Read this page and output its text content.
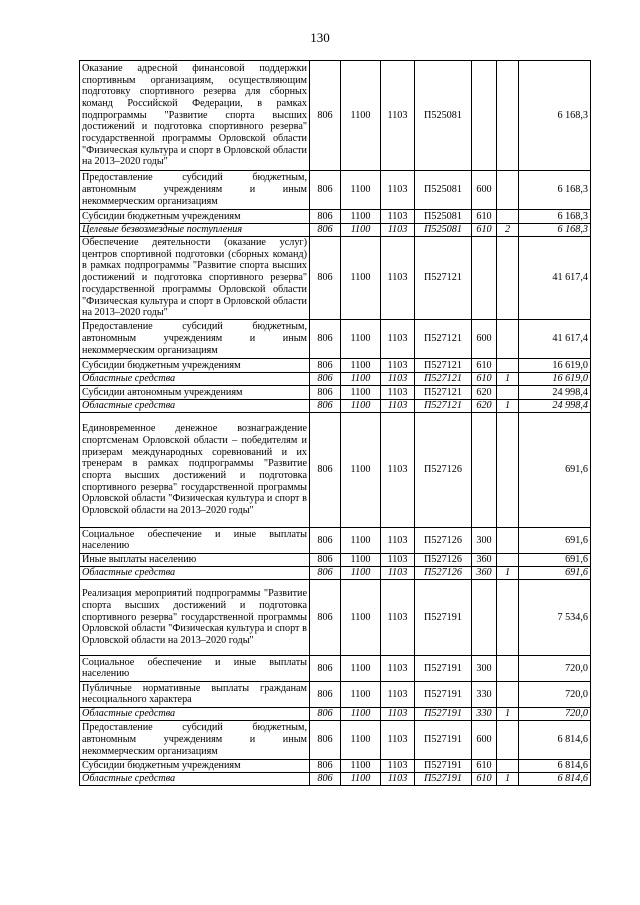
130
Оказание адресной финансовой поддержки спортивным организациям, осуществляющим подготовку спортивного резерва для сборных команд Российской Федерации, в рамках подпрограммы "Развитие спорта высших достижений и подготовка спортивного резерва" государственной программы Орловской области "Физическая культура и спорт в Орловской области на 2013–2020 годы"	806	1100	1103	П525081			6 168,3
Предоставление субсидий бюджетным, автономным учреждениям и иным некоммерческим организациям	806	1100	1103	П525081	600		6 168,3
Субсидии бюджетным учреждениям	806	1100	1103	П525081	610		6 168,3
Целевые безвозмездные поступления	806	1100	1103	П525081	610	2	6 168,3
Обеспечение деятельности (оказание услуг) центров спортивной подготовки (сборных команд) в рамках подпрограммы "Развитие спорта высших достижений и подготовка спортивного резерва" государственной программы Орловской области "Физическая культура и спорт в Орловской области на 2013–2020 годы"	806	1100	1103	П527121			41 617,4
Предоставление субсидий бюджетным, автономным учреждениям и иным некоммерческим организациям	806	1100	1103	П527121	600		41 617,4
Субсидии бюджетным учреждениям	806	1100	1103	П527121	610		16 619,0
Областные средства	806	1100	1103	П527121	610	1	16 619,0
Субсидии автономным учреждениям	806	1100	1103	П527121	620		24 998,4
Областные средства	806	1100	1103	П527121	620	1	24 998,4
Единовременное денежное вознаграждение спортсменам Орловской области – победителям и призерам международных соревнований и их тренерам в рамках подпрограммы "Развитие спорта высших достижений и подготовка спортивного резерва" государственной программы Орловской области "Физическая культура и спорт в Орловской области на 2013–2020 годы"	806	1100	1103	П527126			691,6
Социальное обеспечение и иные выплаты населению	806	1100	1103	П527126	300		691,6
Иные выплаты населению	806	1100	1103	П527126	360		691,6
Областные средства	806	1100	1103	П527126	360	1	691,6
Реализация мероприятий подпрограммы "Развитие спорта высших достижений и подготовка спортивного резерва" государственной программы Орловской области "Физическая культура и спорт в Орловской области на 2013–2020 годы"	806	1100	1103	П527191			7 534,6
Социальное обеспечение и иные выплаты населению	806	1100	1103	П527191	300		720,0
Публичные нормативные выплаты гражданам несоциального характера	806	1100	1103	П527191	330		720,0
Областные средства	806	1100	1103	П527191	330	1	720,0
Предоставление субсидий бюджетным, автономным учреждениям и иным некоммерческим организациям	806	1100	1103	П527191	600		6 814,6
Субсидии бюджетным учреждениям	806	1100	1103	П527191	610		6 814,6
Областные средства	806	1100	1103	П527191	610	1	6 814,6
